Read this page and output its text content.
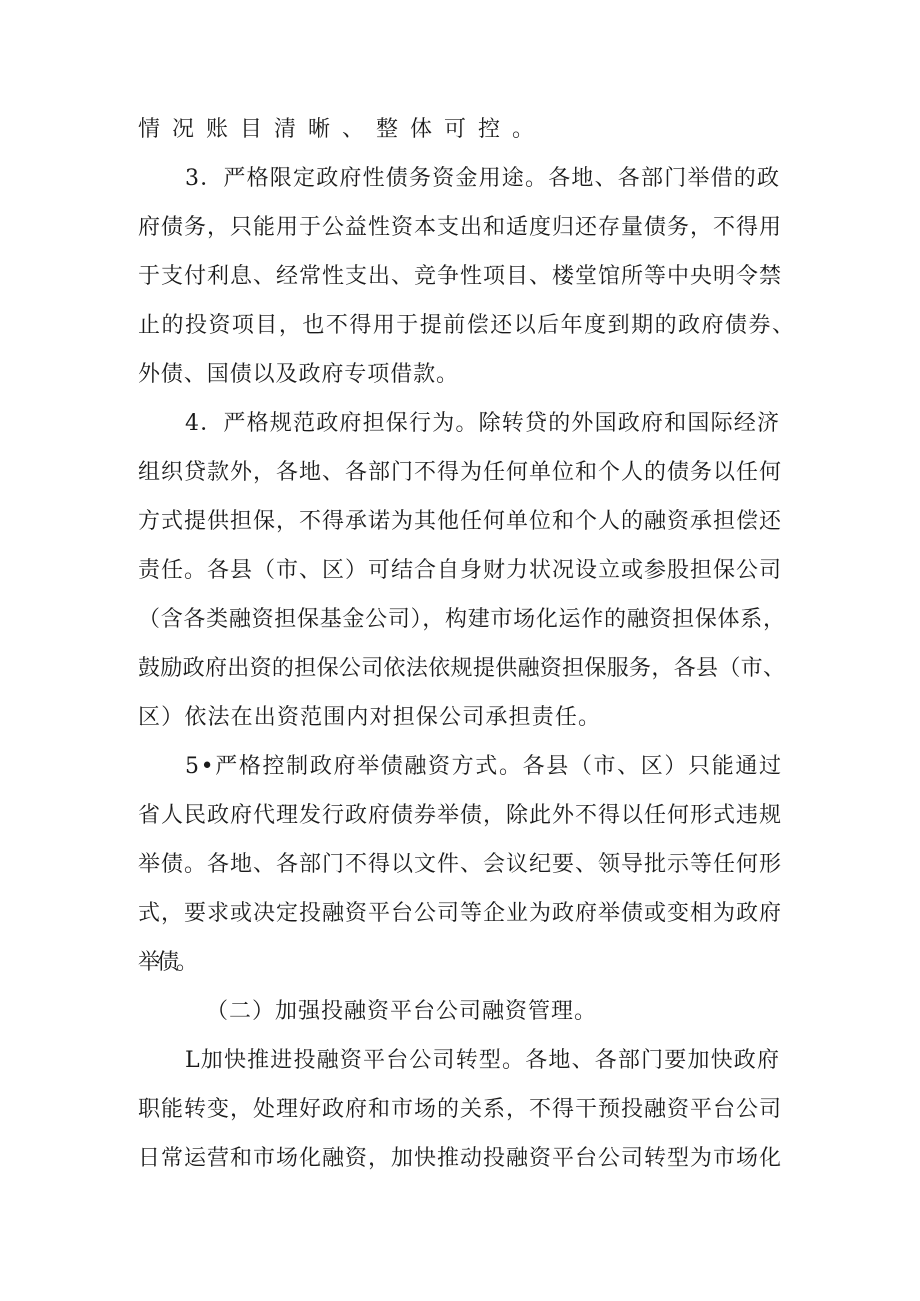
情况账目清晰、整体可控。
3．严格限定政府性债务资金用途。各地、各部门举借的政
府债务，只能用于公益性资本支出和适度归还存量债务，不得用
于支付利息、经常性支出、竞争性项目、楼堂馆所等中央明令禁
止的投资项目，也不得用于提前偿还以后年度到期的政府债券、
外债、国债以及政府专项借款。
4．严格规范政府担保行为。除转贷的外国政府和国际经济
组织贷款外，各地、各部门不得为任何单位和个人的债务以任何
方式提供担保，不得承诺为其他任何单位和个人的融资承担偿还
责任。各县（市、区）可结合自身财力状况设立或参股担保公司
（含各类融资担保基金公司），构建市场化运作的融资担保体系，
鼓励政府出资的担保公司依法依规提供融资担保服务，各县（市、
区）依法在出资范围内对担保公司承担责任。
5•严格控制政府举债融资方式。各县（市、区）只能通过
省人民政府代理发行政府债券举债，除此外不得以任何形式违规
举债。各地、各部门不得以文件、会议纪要、领导批示等任何形
式，要求或决定投融资平台公司等企业为政府举债或变相为政府
举债。
（二）加强投融资平台公司融资管理。
L加快推进投融资平台公司转型。各地、各部门要加快政府
职能转变，处理好政府和市场的关系，不得干预投融资平台公司
日常运营和市场化融资，加快推动投融资平台公司转型为市场化
